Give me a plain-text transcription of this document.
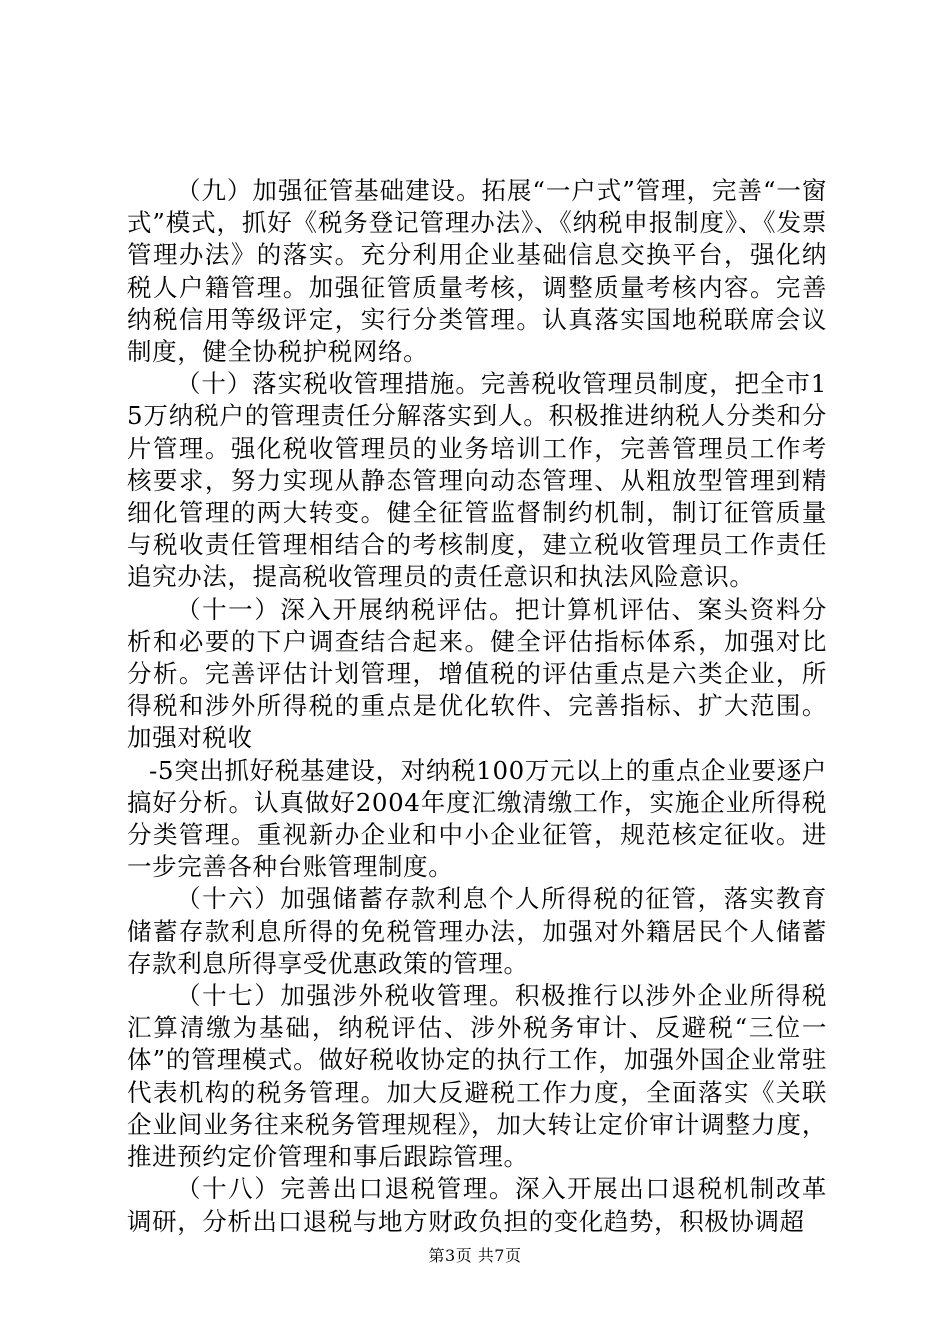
（九）加强征管基础建设。拓展“一户式”管理，完善“一窗式”模式，抓好《税务登记管理办法》、《纳税申报制度》、《发票管理办法》的落实。充分利用企业基础信息交换平台，强化纳税人户籍管理。加强征管质量考核，调整质量考核内容。完善纳税信用等级评定，实行分类管理。认真落实国地税联席会议制度，健全协税护税网络。

（十）落实税收管理措施。完善税收管理员制度，把全市15万纳税户的管理责任分解落实到人。积极推进纳税人分类和分片管理。强化税收管理员的业务培训工作，完善管理员工作考核要求，努力实现从静态管理向动态管理、从粗放型管理到精细化管理的两大转变。健全征管监督制约机制，制订征管质量与税收责任管理相结合的考核制度，建立税收管理员工作责任追究办法，提高税收管理员的责任意识和执法风险意识。

（十一）深入开展纳税评估。把计算机评估、案头资料分析和必要的下户调查结合起来。健全评估指标体系，加强对比分析。完善评估计划管理，增值税的评估重点是六类企业，所得税和涉外所得税的重点是优化软件、完善指标、扩大范围。加强对税收

-5突出抓好税基建设，对纳税100万元以上的重点企业要逐户搞好分析。认真做好2004年度汇缴清缴工作，实施企业所得税分类管理。重视新办企业和中小企业征管，规范核定征收。进一步完善各种台账管理制度。

（十六）加强储蓄存款利息个人所得税的征管，落实教育储蓄存款利息所得的免税管理办法，加强对外籍居民个人储蓄存款利息所得享受优惠政策的管理。

（十七）加强涉外税收管理。积极推行以涉外企业所得税汇算清缴为基础，纳税评估、涉外税务审计、反避税“三位一体”的管理模式。做好税收协定的执行工作，加强外国企业常驻代表机构的税务管理。加大反避税工作力度，全面落实《关联企业间业务往来税务管理规程》，加大转让定价审计调整力度，推进预约定价管理和事后跟踪管理。

（十八）完善出口退税管理。深入开展出口退税机制改革调研，分析出口退税与地方财政负担的变化趋势，积极协调超

第3页 共7页
